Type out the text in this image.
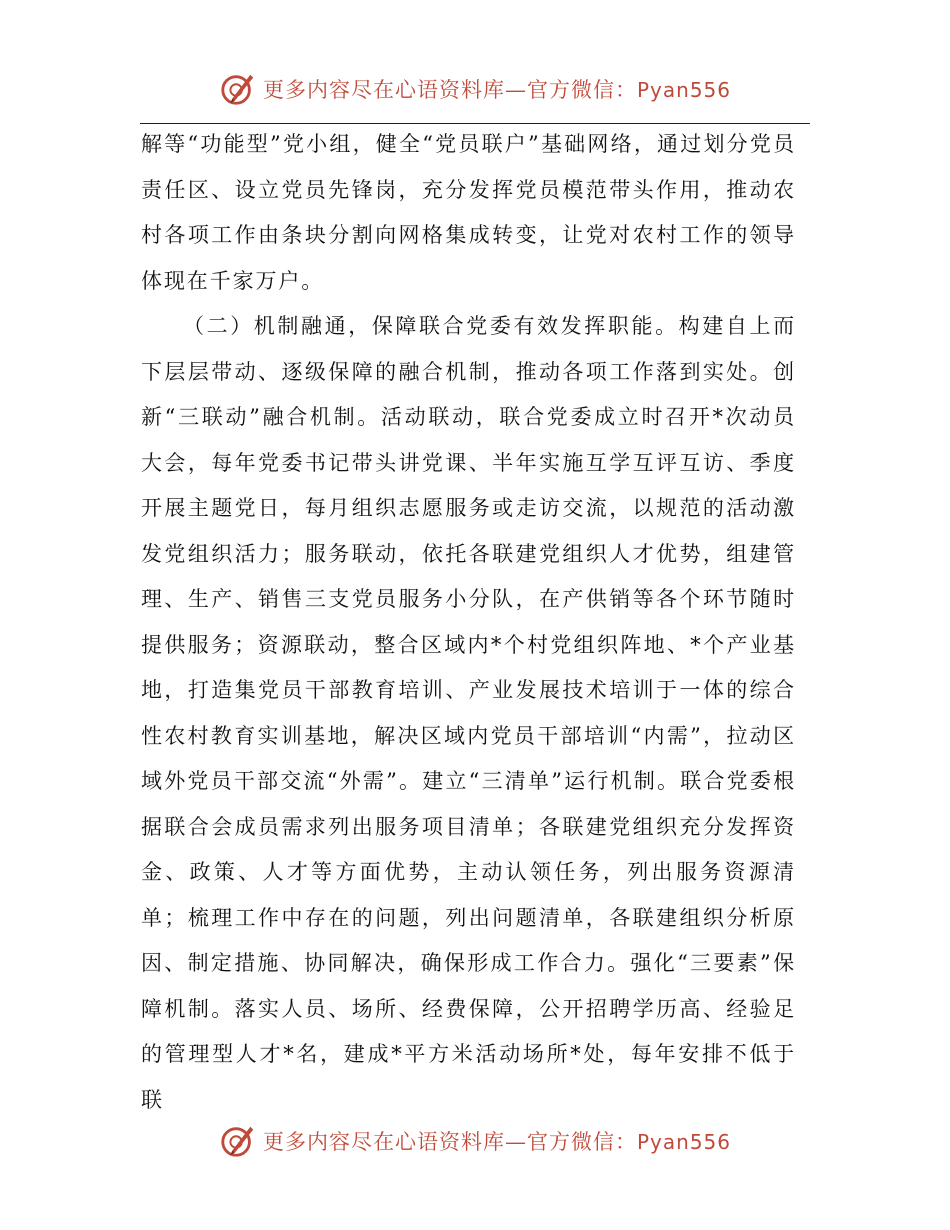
更多内容尽在心语资料库—官方微信：Pyan556

解等“功能型”党小组，健全“党员联户”基础网络，通过划分党员责任区、设立党员先锋岗，充分发挥党员模范带头作用，推动农村各项工作由条块分割向网格集成转变，让党对农村工作的领导体现在千家万户。

（二）机制融通，保障联合党委有效发挥职能。构建自上而下层层带动、逐级保障的融合机制，推动各项工作落到实处。创新“三联动”融合机制。活动联动，联合党委成立时召开*次动员大会，每年党委书记带头讲党课、半年实施互学互评互访、季度开展主题党日，每月组织志愿服务或走访交流，以规范的活动激发党组织活力；服务联动，依托各联建党组织人才优势，组建管理、生产、销售三支党员服务小分队，在产供销等各个环节随时提供服务；资源联动，整合区域内*个村党组织阵地、*个产业基地，打造集党员干部教育培训、产业发展技术培训于一体的综合性农村教育实训基地，解决区域内党员干部培训“内需”，拉动区域外党员干部交流“外需”。建立“三清单”运行机制。联合党委根据联合会成员需求列出服务项目清单；各联建党组织充分发挥资金、政策、人才等方面优势，主动认领任务，列出服务资源清单；梳理工作中存在的问题，列出问题清单，各联建组织分析原因、制定措施、协同解决，确保形成工作合力。强化“三要素”保障机制。落实人员、场所、经费保障，公开招聘学历高、经验足的管理型人才*名，建成*平方米活动场所*处，每年安排不低于联

更多内容尽在心语资料库—官方微信：Pyan556
